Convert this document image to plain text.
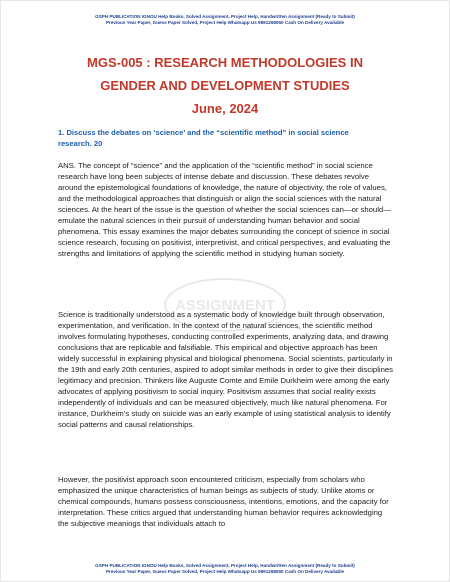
GSPH PUBLICATION IGNOU Help Books, Solved Assignment, Project Help, Handwritten Assignment (Ready to Submit)
Previous Year Paper, Guess Paper Solved, Project Help Whatsapp Us 9891268050 Cash On Delivery Available
MGS-005 : RESEARCH METHODOLOGIES IN
GENDER AND DEVELOPMENT STUDIES
June, 2024
1. Discuss the debates on ‘science’ and the “scientific method” in social science research. 20

ANS. The concept of “science” and the application of the “scientific method” in social science research have long been subjects of intense debate and discussion. These debates revolve around the epistemological foundations of knowledge, the nature of objectivity, the role of values, and the methodological approaches that distinguish or align the social sciences with the natural sciences. At the heart of the issue is the question of whether the social sciences can—or should—emulate the natural sciences in their pursuit of understanding human behavior and social phenomena. This essay examines the major debates surrounding the concept of science in social science research, focusing on positivist, interpretivist, and critical perspectives, and evaluating the strengths and limitations of applying the scientific method in studying human society.

Science is traditionally understood as a systematic body of knowledge built through observation, experimentation, and verification. In the context of the natural sciences, the scientific method involves formulating hypotheses, conducting controlled experiments, analyzing data, and drawing conclusions that are replicable and falsifiable. This empirical and objective approach has been widely successful in explaining physical and biological phenomena. Social scientists, particularly in the 19th and early 20th centuries, aspired to adopt similar methods in order to give their disciplines legitimacy and precision. Thinkers like Auguste Comte and Emile Durkheim were among the early advocates of applying positivism to social inquiry. Positivism assumes that social reality exists independently of individuals and can be measured objectively, much like natural phenomena. For instance, Durkheim’s study on suicide was an early example of using statistical analysis to identify social patterns and causal relationships.

However, the positivist approach soon encountered criticism, especially from scholars who emphasized the unique characteristics of human beings as subjects of study. Unlike atoms or chemical compounds, humans possess consciousness, intentions, emotions, and the capacity for interpretation. These critics argued that understanding human behavior requires acknowledging the subjective meanings that individuals attach to

ASSIGNMENT
GSPH PUBLICATION IGNOU Help Books, Solved Assignment, Project Help, Handwritten Assignment (Ready to Submit)
Previous Year Paper, Guess Paper Solved, Project Help Whatsapp Us 9891268050 Cash On Delivery Available
